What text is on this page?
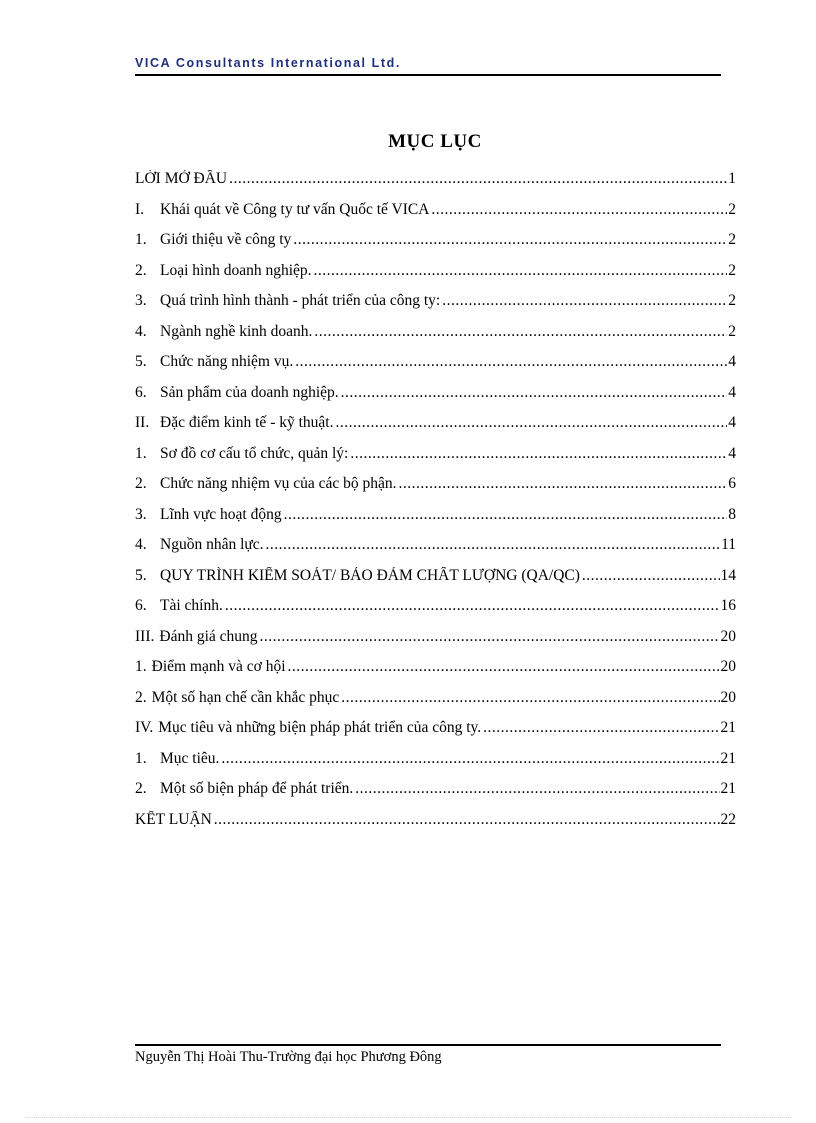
VICA Consultants International Ltd.
MỤC LỤC
LỜI MỞ ĐẦU .....	1
I.	Khái quát về Công ty tư vấn Quốc tế VICA .....	2
1. Giới thiệu về công ty .....	2
2. Loại hình doanh nghiệp. .....	2
3. Quá trình hình thành - phát triển của công ty: .....	2
4. Ngành nghề kinh doanh. .....	2
5. Chức năng nhiệm vụ. .....	4
6. Sản phẩm của doanh nghiệp. .....	4
II. Đặc điểm kinh tế - kỹ thuật. .....	4
1. Sơ đồ cơ cấu tổ chức, quản lý: .....	4
2. Chức năng nhiệm vụ của các bộ phận. .....	6
3. Lĩnh vực hoạt động .....	8
4. Nguồn nhân lực. .....	11
5. QUY TRÌNH KIỂM SOÁT/ BẢO ĐẢM CHẤT LƯỢNG (QA/QC) .....	14
6. Tài chính. .....	16
III. Đánh giá chung .....	20
1. Điểm mạnh và cơ hội .....	20
2. Một số hạn chế cần khắc phục .....	20
IV. Mục tiêu và những biện pháp phát triển của công ty. .....	21
1. Mục tiêu. .....	21
2. Một số biện pháp để phát triển. .....	21
KẾT LUẬN .....	22
Nguyễn Thị Hoài Thu-Trường đại học Phương Đông
